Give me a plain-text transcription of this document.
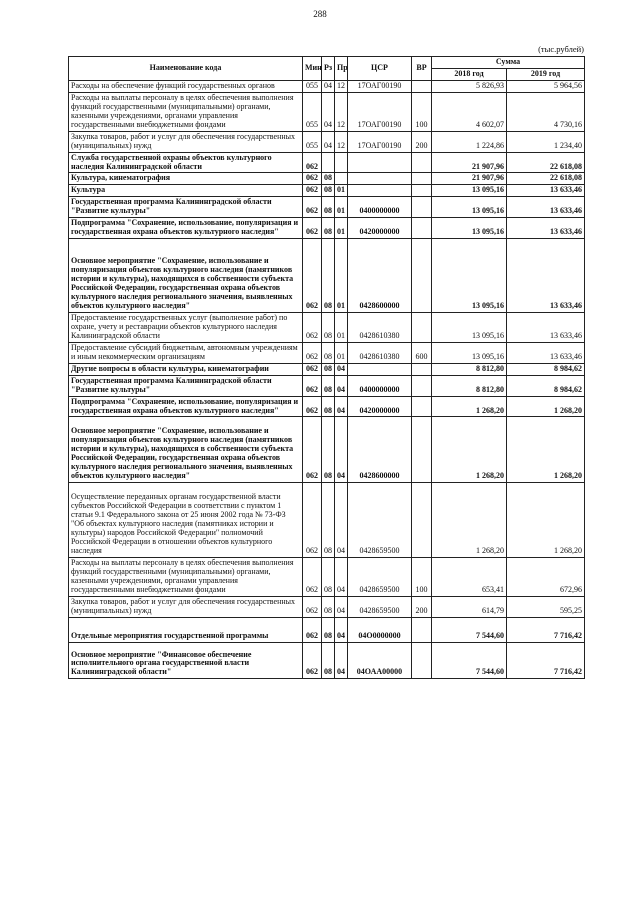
288
(тыс.рублей)
Наименование кода	Мин	Рз	Пр	ЦСР	ВР	Сумма	
						2018 год	2019 год
Расходы на обеспечение функций государственных органов	055	04	12	17ОАГ00190		5 826,93	5 964,56
Расходы на выплаты персоналу в целях обеспечения выполнения функций государственными (муниципальными) органами, казенными учреждениями, органами управления государственными внебюджетными фондами	055	04	12	17ОАГ00190	100	4 602,07	4 730,16
Закупка товаров, работ и услуг для обеспечения государственных (муниципальных) нужд	055	04	12	17ОАГ00190	200	1 224,86	1 234,40
Служба государственной охраны объектов культурного наследия Калининградской области	062					21 907,96	22 618,08
Культура, кинематография	062	08				21 907,96	22 618,08
Культура	062	08	01			13 095,16	13 633,46
Государственная программа Калининградской области "Развитие культуры"	062	08	01	0400000000		13 095,16	13 633,46
Подпрограмма "Сохранение, использование, популяризация и государственная охрана объектов культурного наследия"	062	08	01	0420000000		13 095,16	13 633,46
Основное мероприятие "Сохранение, использование и популяризация объектов культурного наследия (памятников истории и культуры), находящихся в собственности субъекта Российской Федерации, государственная охрана объектов культурного наследия регионального значения, выявленных объектов культурного наследия"	062	08	01	0428600000		13 095,16	13 633,46
Предоставление государственных услуг (выполнение работ) по охране, учету и реставрации объектов культурного наследия Калининградской области	062	08	01	0428610380		13 095,16	13 633,46
Предоставление субсидий бюджетным, автономным учреждениям и иным некоммерческим организациям	062	08	01	0428610380	600	13 095,16	13 633,46
Другие вопросы в области культуры, кинематографии	062	08	04			8 812,80	8 984,62
Государственная программа Калининградской области "Развитие культуры"	062	08	04	0400000000		8 812,80	8 984,62
Подпрограмма "Сохранение, использование, популяризация и государственная охрана объектов культурного наследия"	062	08	04	0420000000		1 268,20	1 268,20
Основное мероприятие "Сохранение, использование и популяризация объектов культурного наследия (памятников истории и культуры), находящихся в собственности субъекта Российской Федерации, государственная охрана объектов культурного наследия регионального значения, выявленных объектов культурного наследия"	062	08	04	0428600000		1 268,20	1 268,20
Осуществление переданных органам государственной власти субъектов Российской Федерации в соответствии с пунктом 1 статьи 9.1 Федерального закона от 25 июня 2002 года № 73-ФЗ "Об объектах культурного наследия (памятниках истории и культуры) народов Российской Федерации" полномочий Российской Федерации в отношении объектов культурного наследия	062	08	04	0428659500		1 268,20	1 268,20
Расходы на выплаты персоналу в целях обеспечения выполнения функций государственными (муниципальными) органами, казенными учреждениями, органами управления государственными внебюджетными фондами	062	08	04	0428659500	100	653,41	672,96
Закупка товаров, работ и услуг для обеспечения государственных (муниципальных) нужд	062	08	04	0428659500	200	614,79	595,25
Отдельные мероприятия государственной программы	062	08	04	04О0000000		7 544,60	7 716,42
Основное мероприятие "Финансовое обеспечение исполнительного органа государственной власти Калининградской области"	062	08	04	04ОАА00000		7 544,60	7 716,42
